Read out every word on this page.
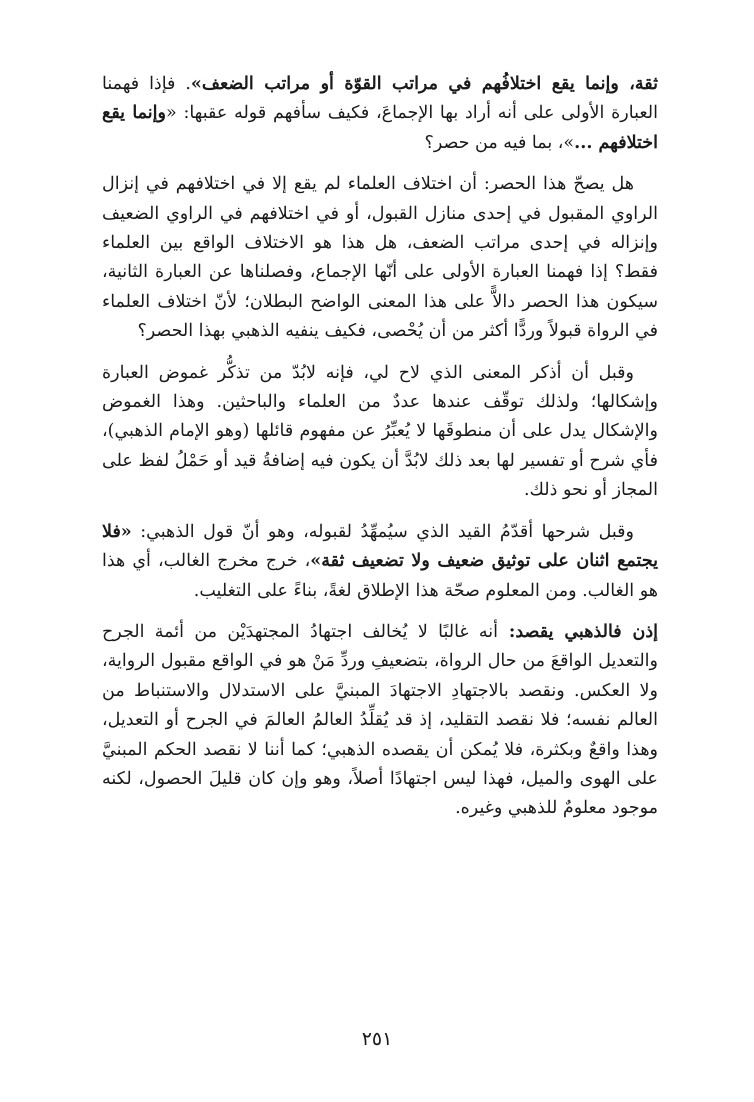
ثقة، وإنما يقع اختلافُهم في مراتب القوّة أو مراتب الضعف». فإذا فهمنا العبارة الأولى على أنه أراد بها الإجماعَ، فكيف سأفهم قوله عقبها: «وإنما يقع اختلافهم ...»، بما فيه من حصر؟

هل يصحّ هذا الحصر: أن اختلاف العلماء لم يقع إلا في اختلافهم في إنزال الراوي المقبول في إحدى منازل القبول، أو في اختلافهم في الراوي الضعيف وإنزاله في إحدى مراتب الضعف، هل هذا هو الاختلاف الواقع بين العلماء فقط؟ إذا فهمنا العبارة الأولى على أنّها الإجماع، وفصلناها عن العبارة الثانية، سيكون هذا الحصر دالاًّ على هذا المعنى الواضح البطلان؛ لأنّ اختلاف العلماء في الرواة قبولاً وردًّا أكثر من أن يُحْصى، فكيف ينفيه الذهبي بهذا الحصر؟

وقبل أن أذكر المعنى الذي لاح لي، فإنه لابُدّ من تذكُّر غموض العبارة وإشكالها؛ ولذلك توقّف عندها عددٌ من العلماء والباحثين. وهذا الغموض والإشكال يدل على أن منطوقَها لا يُعبِّرُ عن مفهوم قائلها (وهو الإمام الذهبي)، فأي شرح أو تفسير لها بعد ذلك لابُدَّ أن يكون فيه إضافةُ قيد أو حَمْلُ لفظ على المجاز أو نحو ذلك.

وقبل شرحها أقدّمُ القيد الذي سيُمهِّدُ لقبوله، وهو أنّ قول الذهبي: «فلا يجتمع اثنان على توثيق ضعيف ولا تضعيف ثقة»، خرج مخرج الغالب، أي هذا هو الغالب. ومن المعلوم صحّة هذا الإطلاق لغةً، بناءً على التغليب.

إذن فالذهبي يقصد: أنه غالبًا لا يُخالف اجتهادُ المجتهدَيْن من أئمة الجرح والتعديل الواقعَ من حال الرواة، بتضعيفِ وردِّ مَنْ هو في الواقع مقبول الرواية، ولا العكس. ونقصد بالاجتهادِ الاجتهادَ المبنيَّ على الاستدلال والاستنباط من العالم نفسه؛ فلا نقصد التقليد، إذ قد يُقلِّدُ العالمُ العالمَ في الجرح أو التعديل، وهذا واقعٌ وبكثرة، فلا يُمكن أن يقصده الذهبي؛ كما أننا لا نقصد الحكم المبنيَّ على الهوى والميل، فهذا ليس اجتهادًا أصلاً، وهو وإن كان قليلَ الحصول، لكنه موجود معلومٌ للذهبي وغيره.

٢٥١
